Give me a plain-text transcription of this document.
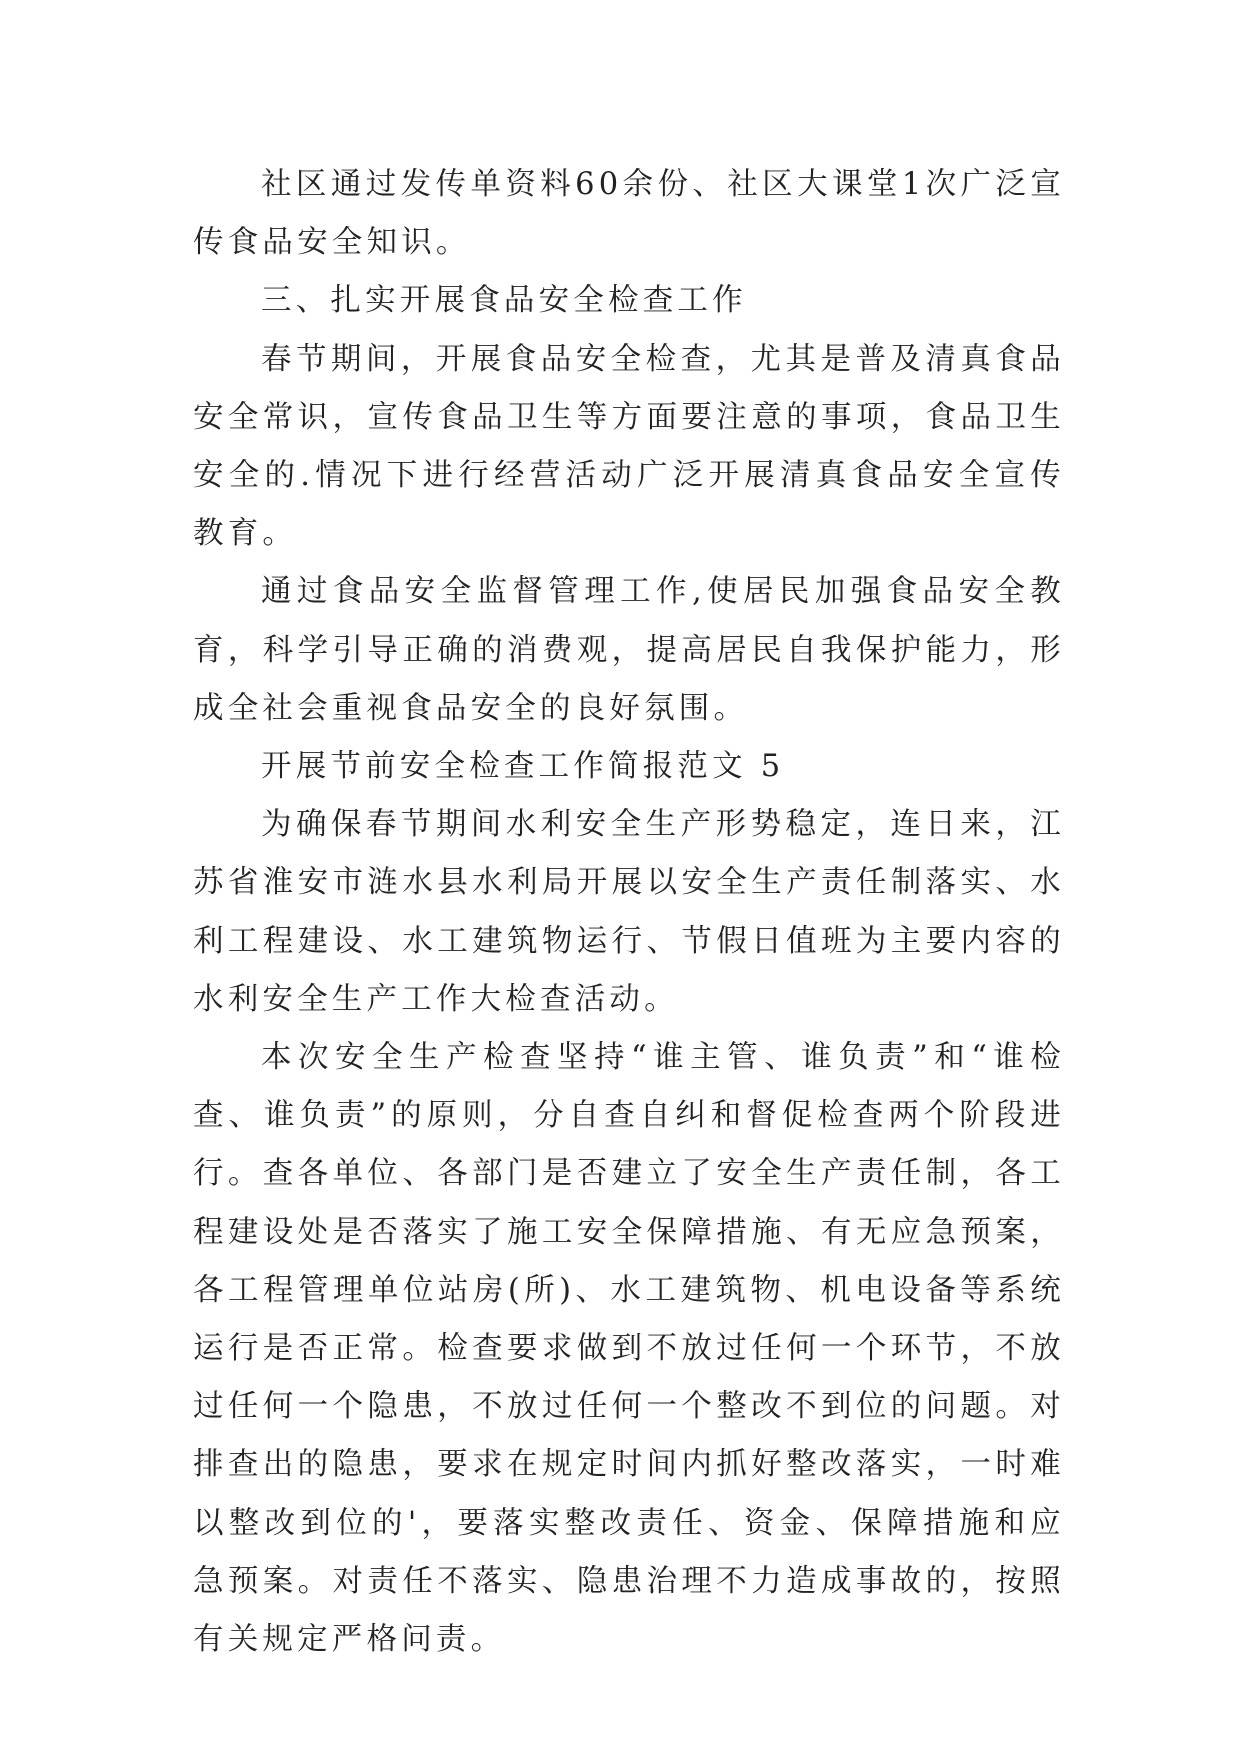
社区通过发传单资料60余份、社区大课堂1次广泛宣传食品安全知识。

三、扎实开展食品安全检查工作

春节期间，开展食品安全检查，尤其是普及清真食品安全常识，宣传食品卫生等方面要注意的事项，食品卫生安全的.情况下进行经营活动广泛开展清真食品安全宣传教育。

通过食品安全监督管理工作,使居民加强食品安全教育，科学引导正确的消费观，提高居民自我保护能力，形成全社会重视食品安全的良好氛围。

开展节前安全检查工作简报范文 5

为确保春节期间水利安全生产形势稳定，连日来，江苏省淮安市涟水县水利局开展以安全生产责任制落实、水利工程建设、水工建筑物运行、节假日值班为主要内容的水利安全生产工作大检查活动。

本次安全生产检查坚持“谁主管、谁负责”和“谁检查、谁负责”的原则，分自查自纠和督促检查两个阶段进行。查各单位、各部门是否建立了安全生产责任制，各工程建设处是否落实了施工安全保障措施、有无应急预案，各工程管理单位站房(所)、水工建筑物、机电设备等系统运行是否正常。检查要求做到不放过任何一个环节，不放过任何一个隐患，不放过任何一个整改不到位的问题。对排查出的隐患，要求在规定时间内抓好整改落实，一时难以整改到位的'，要落实整改责任、资金、保障措施和应急预案。对责任不落实、隐患治理不力造成事故的，按照有关规定严格问责。
